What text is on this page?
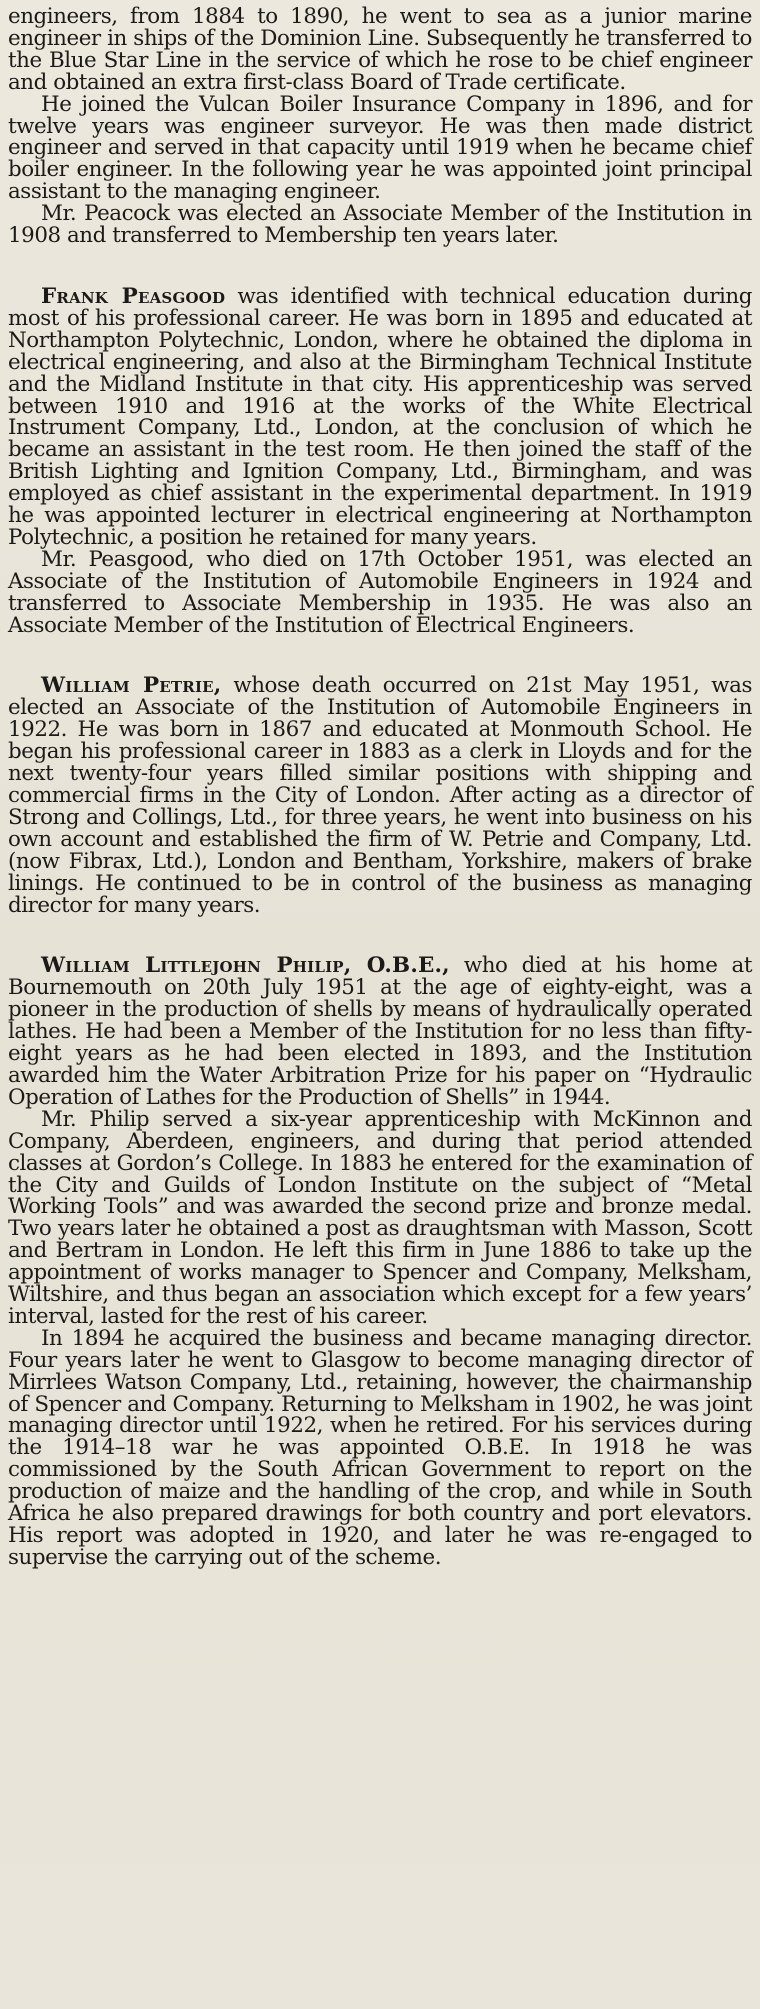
engineers, from 1884 to 1890, he went to sea as a junior marine engineer in ships of the Dominion Line. Subsequently he transferred to the Blue Star Line in the service of which he rose to be chief engineer and obtained an extra first-class Board of Trade certificate.

He joined the Vulcan Boiler Insurance Company in 1896, and for twelve years was engineer surveyor. He was then made district engineer and served in that capacity until 1919 when he became chief boiler engineer. In the following year he was appointed joint principal assistant to the managing engineer.

Mr. Peacock was elected an Associate Member of the Institution in 1908 and transferred to Membership ten years later.

Frank Peasgood was identified with technical education during most of his professional career. He was born in 1895 and educated at Northampton Polytechnic, London, where he obtained the diploma in electrical engineering, and also at the Birmingham Technical Institute and the Midland Institute in that city. His apprenticeship was served between 1910 and 1916 at the works of the White Electrical Instrument Company, Ltd., London, at the conclusion of which he became an assistant in the test room. He then joined the staff of the British Lighting and Ignition Company, Ltd., Birmingham, and was employed as chief assistant in the experimental department. In 1919 he was appointed lecturer in electrical engineering at Northampton Polytechnic, a position he retained for many years.

Mr. Peasgood, who died on 17th October 1951, was elected an Associate of the Institution of Automobile Engineers in 1924 and transferred to Associate Membership in 1935. He was also an Associate Member of the Institution of Electrical Engineers.

William Petrie, whose death occurred on 21st May 1951, was elected an Associate of the Institution of Automobile Engineers in 1922. He was born in 1867 and educated at Monmouth School. He began his professional career in 1883 as a clerk in Lloyds and for the next twenty-four years filled similar positions with shipping and commercial firms in the City of London. After acting as a director of Strong and Collings, Ltd., for three years, he went into business on his own account and established the firm of W. Petrie and Company, Ltd. (now Fibrax, Ltd.), London and Bentham, Yorkshire, makers of brake linings. He continued to be in control of the business as managing director for many years.

William Littlejohn Philip, O.B.E., who died at his home at Bournemouth on 20th July 1951 at the age of eighty-eight, was a pioneer in the production of shells by means of hydraulically operated lathes. He had been a Member of the Institution for no less than fifty-eight years as he had been elected in 1893, and the Institution awarded him the Water Arbitration Prize for his paper on “Hydraulic Operation of Lathes for the Production of Shells” in 1944.

Mr. Philip served a six-year apprenticeship with McKinnon and Company, Aberdeen, engineers, and during that period attended classes at Gordon’s College. In 1883 he entered for the examination of the City and Guilds of London Institute on the subject of “Metal Working Tools” and was awarded the second prize and bronze medal. Two years later he obtained a post as draughtsman with Masson, Scott and Bertram in London. He left this firm in June 1886 to take up the appointment of works manager to Spencer and Company, Melksham, Wiltshire, and thus began an association which except for a few years’ interval, lasted for the rest of his career.

In 1894 he acquired the business and became managing director. Four years later he went to Glasgow to become managing director of Mirrlees Watson Company, Ltd., retaining, however, the chairmanship of Spencer and Company. Returning to Melksham in 1902, he was joint managing director until 1922, when he retired. For his services during the 1914–18 war he was appointed O.B.E. In 1918 he was commissioned by the South African Government to report on the production of maize and the handling of the crop, and while in South Africa he also prepared drawings for both country and port elevators. His report was adopted in 1920, and later he was re-engaged to supervise the carrying out of the scheme.
